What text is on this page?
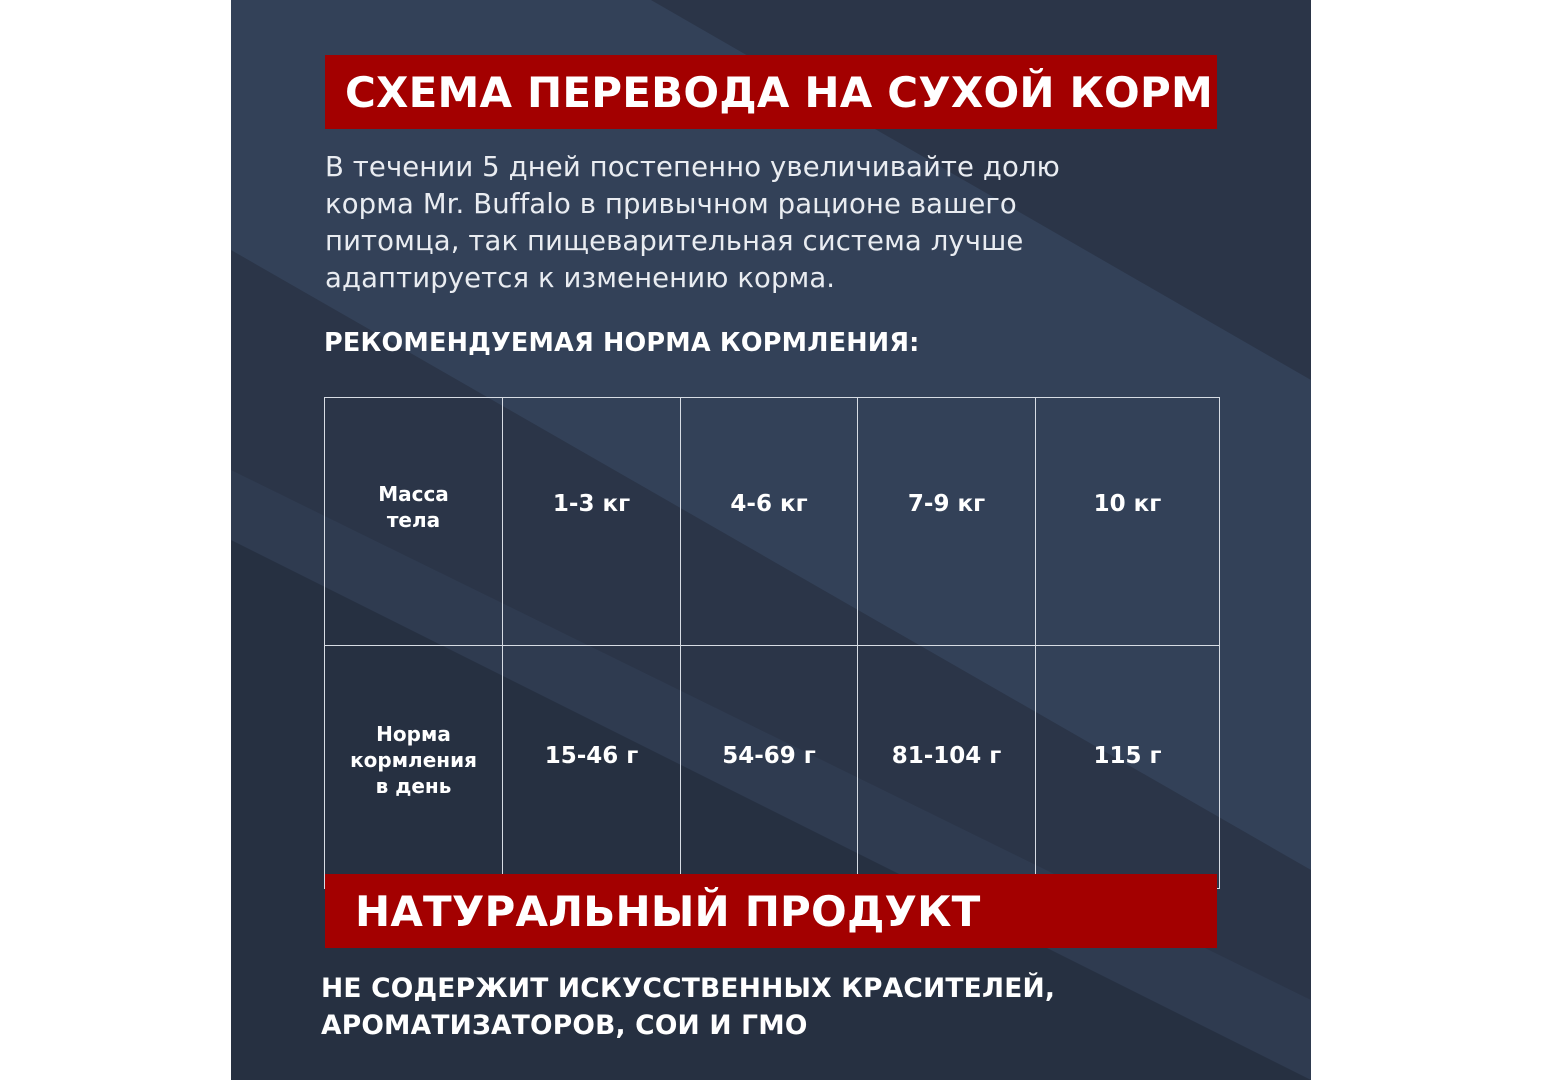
СХЕМА ПЕРЕВОДА НА СУХОЙ КОРМ
В течении 5 дней постепенно увеличивайте долю
корма Mr. Buffalo в привычном рационе вашего
питомца, так пищеварительная система лучше
адаптируется к изменению корма.
РЕКОМЕНДУЕМАЯ НОРМА КОРМЛЕНИЯ:
Масса
тела	1-3 кг	4-6 кг	7-9 кг	10 кг

Норма
кормления
в день	15-46 г	54-69 г	81-104 г	115 г
НАТУРАЛЬНЫЙ ПРОДУКТ
НЕ СОДЕРЖИТ ИСКУССТВЕННЫХ КРАСИТЕЛЕЙ,
АРОМАТИЗАТОРОВ, СОИ И ГМО
